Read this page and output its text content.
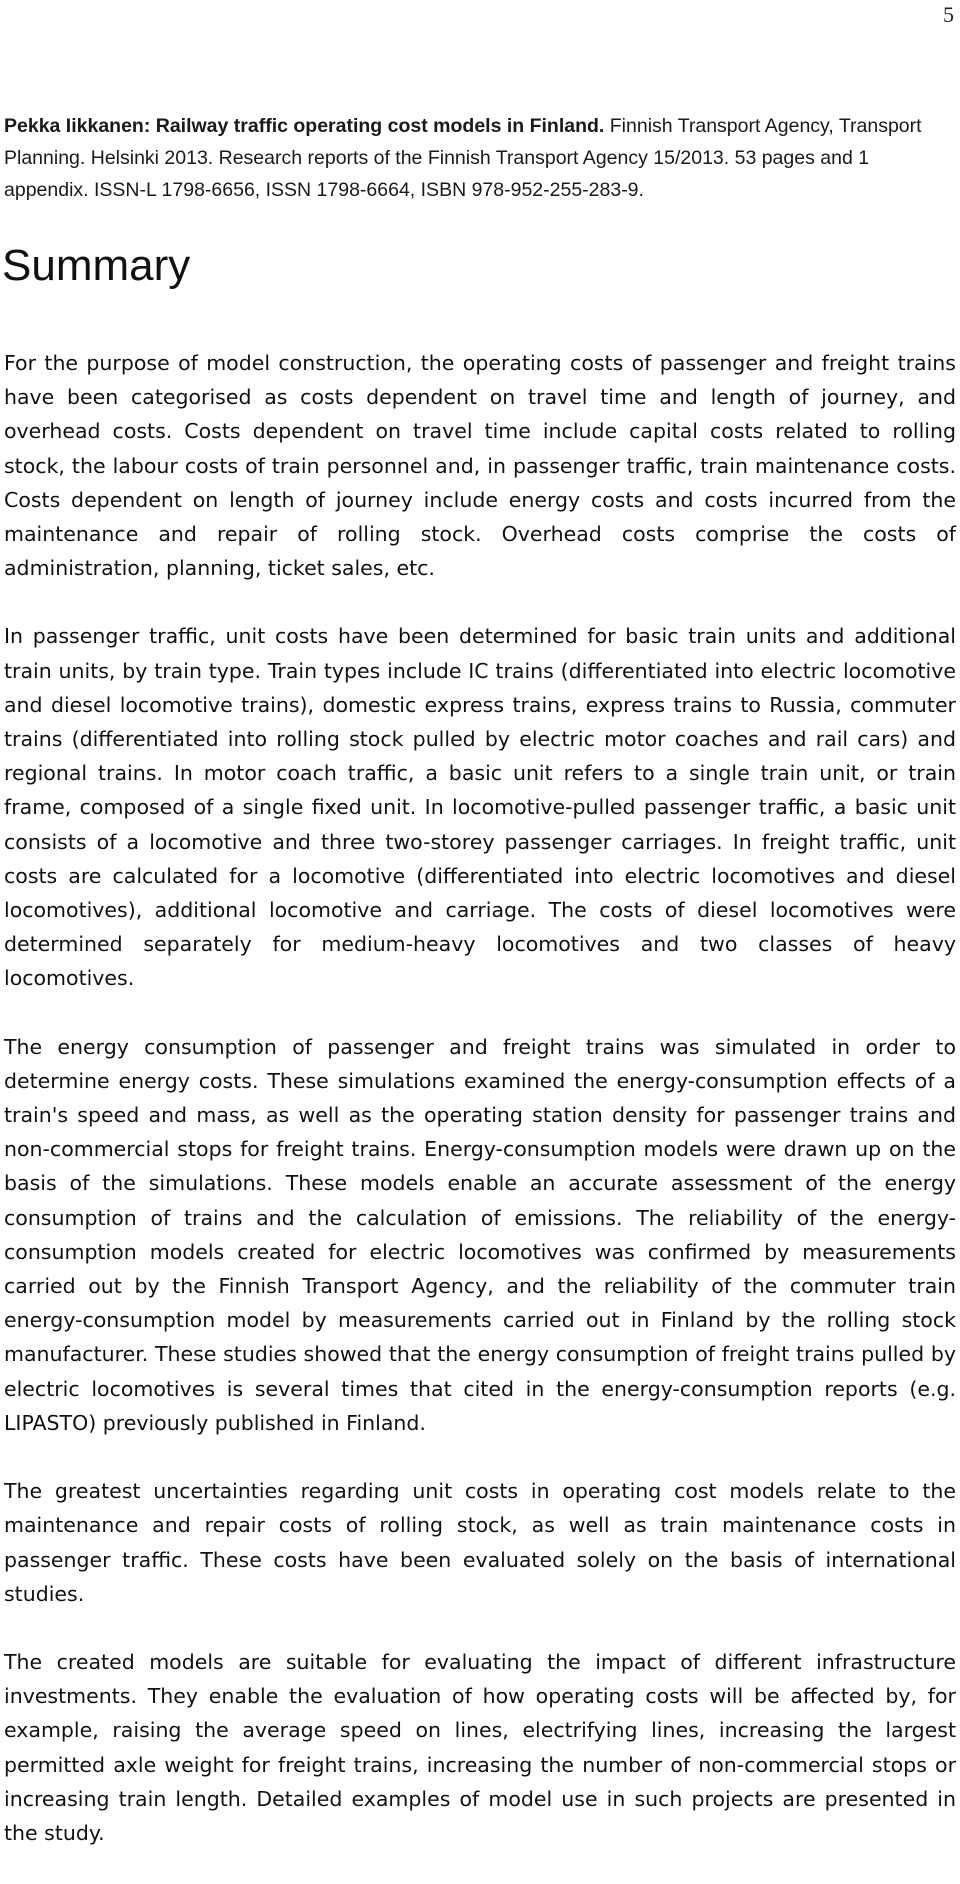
5

Pekka Iikkanen: Railway traffic operating cost models in Finland. Finnish Transport Agency, Transport Planning. Helsinki 2013. Research reports of the Finnish Transport Agency 15/2013. 53 pages and 1 appendix. ISSN-L 1798-6656, ISSN 1798-6664, ISBN 978-952-255-283-9.

Summary

For the purpose of model construction, the operating costs of passenger and freight trains have been categorised as costs dependent on travel time and length of journey, and overhead costs. Costs dependent on travel time include capital costs related to rolling stock, the labour costs of train personnel and, in passenger traffic, train maintenance costs. Costs dependent on length of journey include energy costs and costs incurred from the maintenance and repair of rolling stock. Overhead costs comprise the costs of administration, planning, ticket sales, etc.

In passenger traffic, unit costs have been determined for basic train units and additional train units, by train type. Train types include IC trains (differentiated into electric locomotive and diesel locomotive trains), domestic express trains, express trains to Russia, commuter trains (differentiated into rolling stock pulled by electric motor coaches and rail cars) and regional trains. In motor coach traffic, a basic unit refers to a single train unit, or train frame, composed of a single fixed unit. In locomotive-pulled passenger traffic, a basic unit consists of a locomotive and three two-storey passenger carriages. In freight traffic, unit costs are calculated for a locomotive (differentiated into electric locomotives and diesel locomotives), additional locomotive and carriage. The costs of diesel locomotives were determined separately for medium-heavy locomotives and two classes of heavy locomotives.

The energy consumption of passenger and freight trains was simulated in order to determine energy costs. These simulations examined the energy-consumption effects of a train's speed and mass, as well as the operating station density for passenger trains and non-commercial stops for freight trains. Energy-consumption models were drawn up on the basis of the simulations. These models enable an accurate assessment of the energy consumption of trains and the calculation of emissions. The reliability of the energy-consumption models created for electric locomotives was confirmed by measurements carried out by the Finnish Transport Agency, and the reliability of the commuter train energy-consumption model by measurements carried out in Finland by the rolling stock manufacturer. These studies showed that the energy consumption of freight trains pulled by electric locomotives is several times that cited in the energy-consumption reports (e.g. LIPASTO) previously published in Finland.

The greatest uncertainties regarding unit costs in operating cost models relate to the maintenance and repair costs of rolling stock, as well as train maintenance costs in passenger traffic. These costs have been evaluated solely on the basis of international studies.

The created models are suitable for evaluating the impact of different infrastructure investments. They enable the evaluation of how operating costs will be affected by, for example, raising the average speed on lines, electrifying lines, increasing the largest permitted axle weight for freight trains, increasing the number of non-commercial stops or increasing train length. Detailed examples of model use in such projects are presented in the study.
